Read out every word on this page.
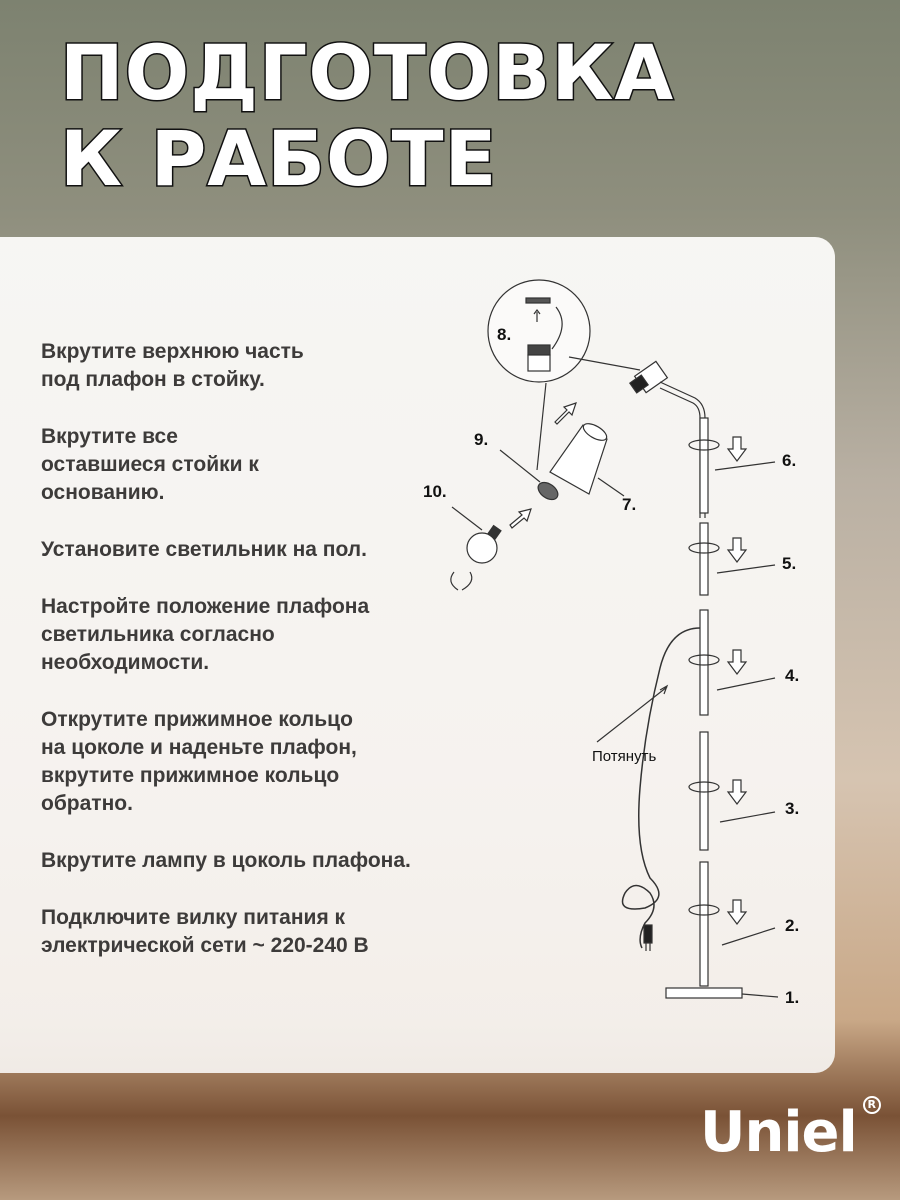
ПОДГОТОВКА
К РАБОТЕ
Вкрутите верхнюю часть
под плафон в стойку.
Вкрутите все
оставшиеся стойки к
основанию.
Установите светильник на пол.
Настройте положение плафона
светильника согласно
необходимости.
Открутите прижимное кольцо
на цоколе и наденьте плафон,
вкрутите прижимное кольцо
обратно.
Вкрутите лампу в цоколь плафона.
Подключите вилку питания к
электрической сети ~ 220-240 В
8.
9.
10.
7.
6.
5.
4.
3.
2.
1.
Потянуть
Uniel R
